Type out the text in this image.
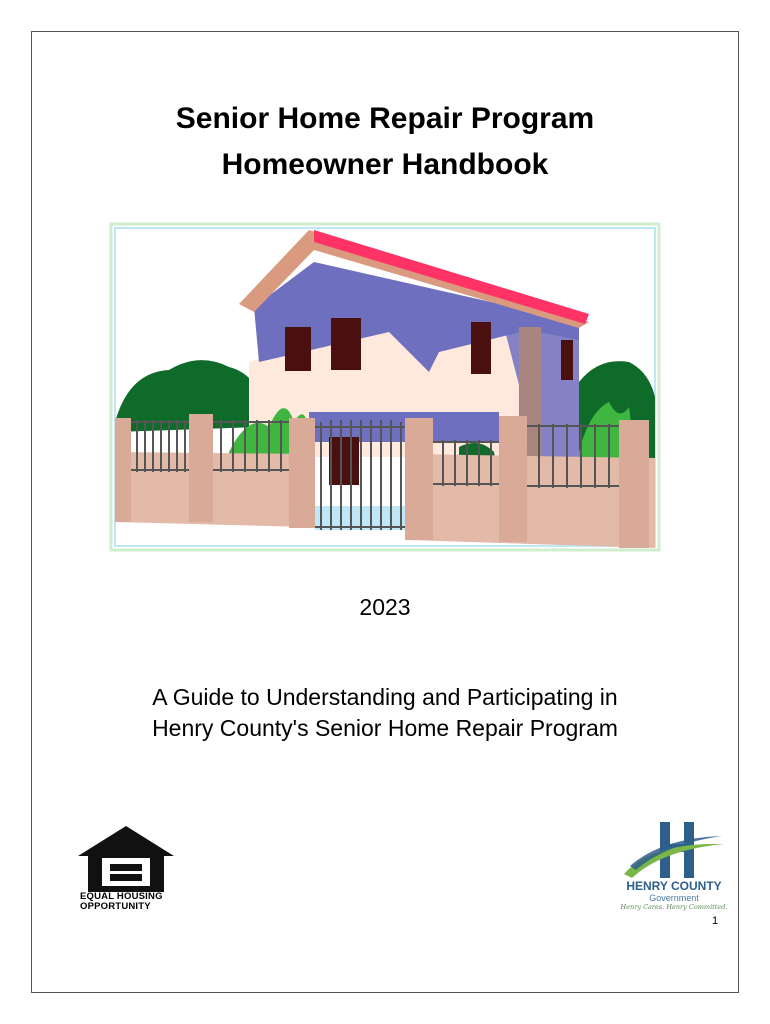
Senior Home Repair Program
Homeowner Handbook
2023
A Guide to Understanding and Participating in
Henry County's Senior Home Repair Program
EQUAL HOUSING
OPPORTUNITY
HENRY COUNTY
Government
Henry Cares. Henry Committed.
1
